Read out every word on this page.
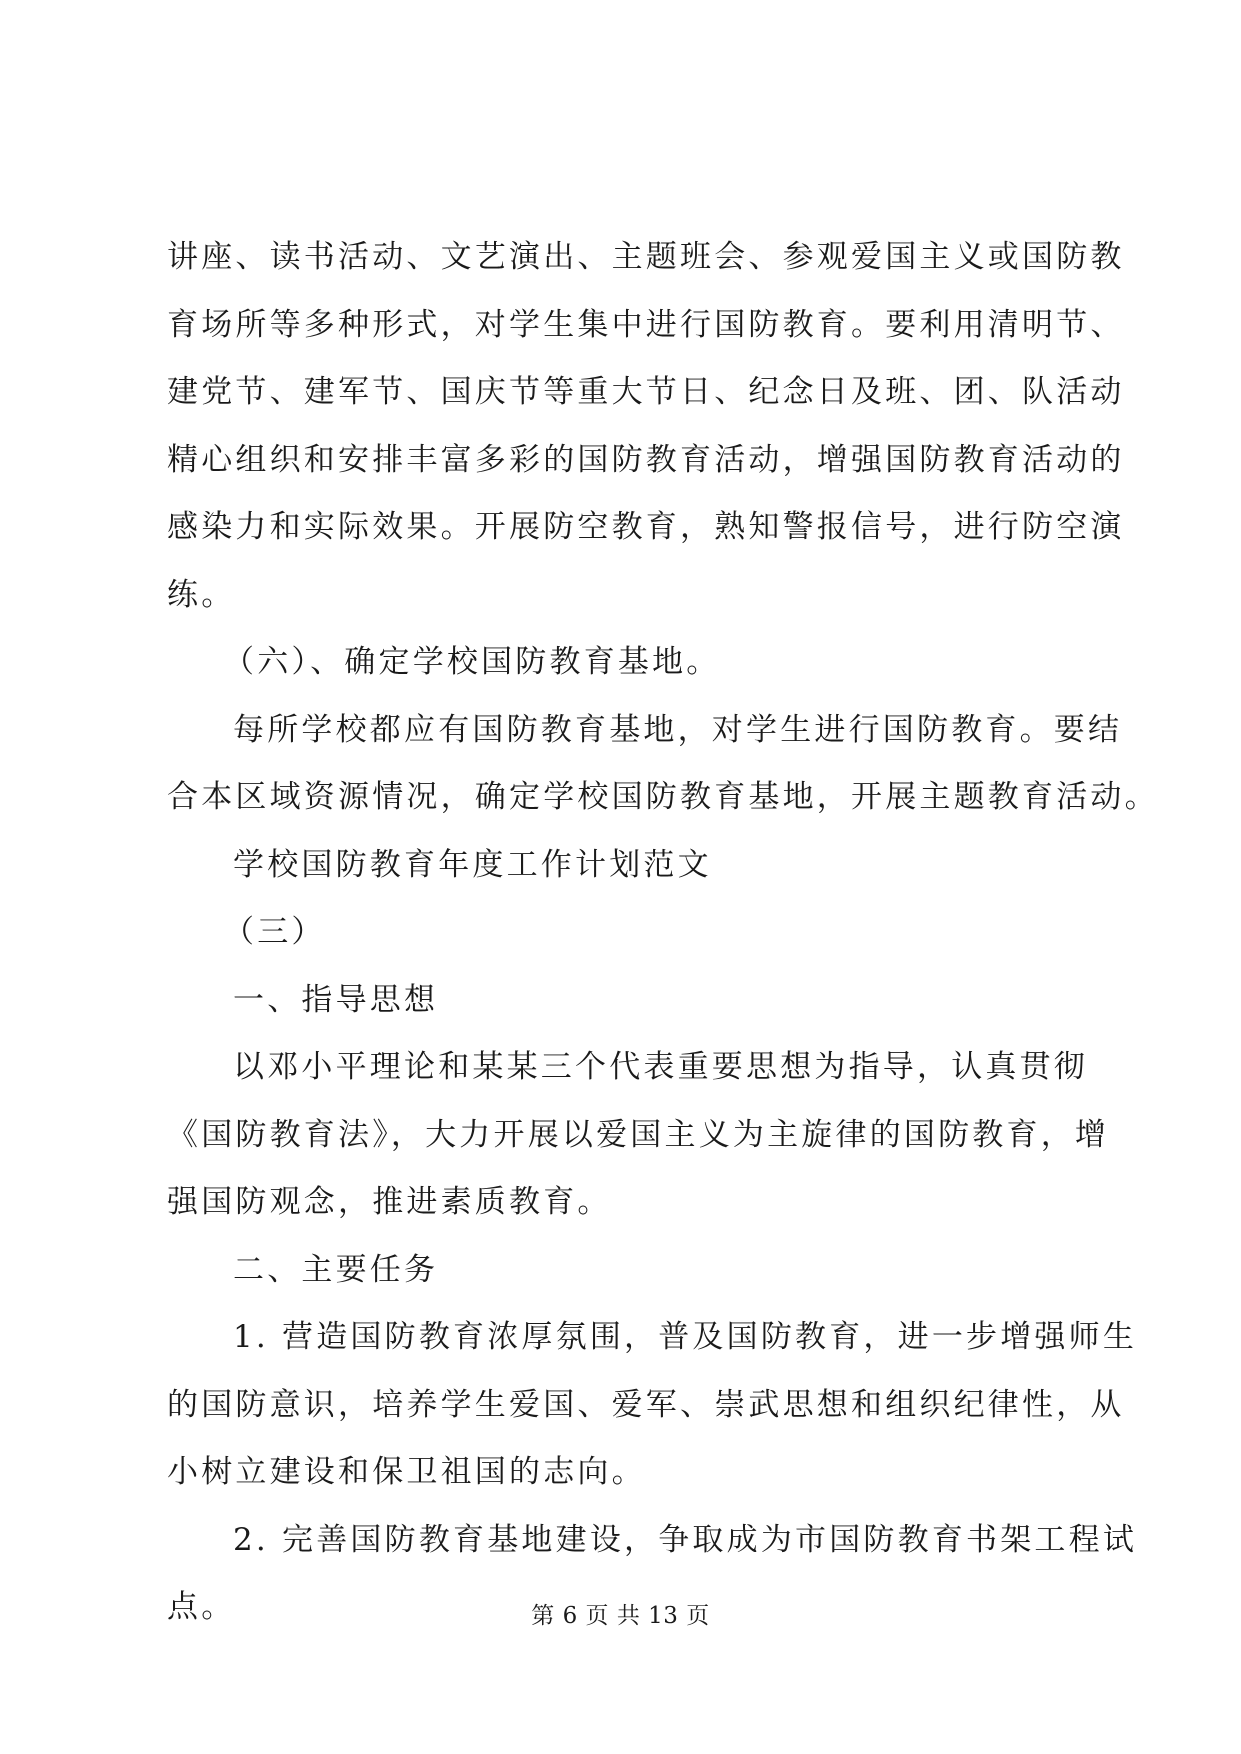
讲座、读书活动、文艺演出、主题班会、参观爱国主义或国防教
育场所等多种形式，对学生集中进行国防教育。要利用清明节、
建党节、建军节、国庆节等重大节日、纪念日及班、团、队活动
精心组织和安排丰富多彩的国防教育活动，增强国防教育活动的
感染力和实际效果。开展防空教育，熟知警报信号，进行防空演
练。
（六）、确定学校国防教育基地。
每所学校都应有国防教育基地，对学生进行国防教育。要结
合本区域资源情况，确定学校国防教育基地，开展主题教育活动。
学校国防教育年度工作计划范文
（三）
一、指导思想
以邓小平理论和某某三个代表重要思想为指导，认真贯彻
《国防教育法》，大力开展以爱国主义为主旋律的国防教育，增
强国防观念，推进素质教育。
二、主要任务
1. 营造国防教育浓厚氛围，普及国防教育，进一步增强师生
的国防意识，培养学生爱国、爱军、崇武思想和组织纪律性，从
小树立建设和保卫祖国的志向。
2. 完善国防教育基地建设，争取成为市国防教育书架工程试
点。	第 6 页 共 13 页
